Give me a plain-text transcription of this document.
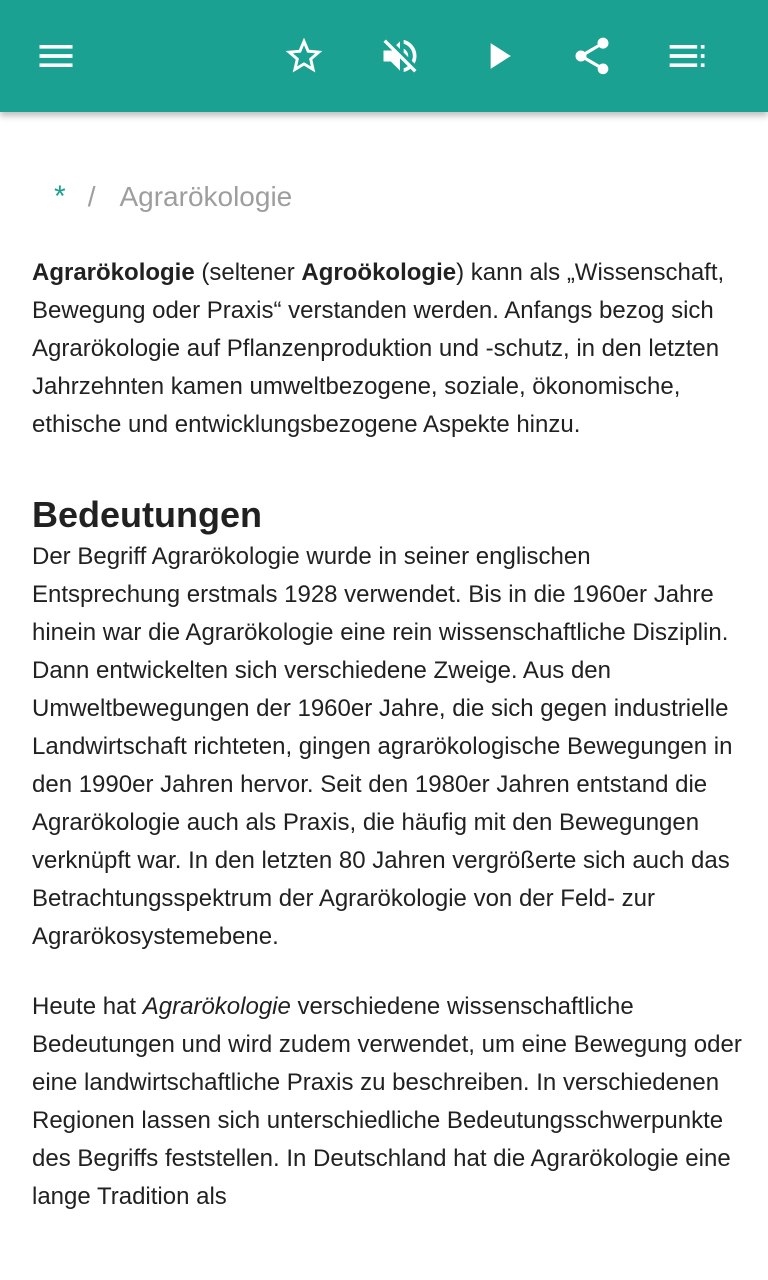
* / Agrarökologie

Agrarökologie (seltener Agroökologie) kann als „Wissenschaft, Bewegung oder Praxis“ verstanden werden. Anfangs bezog sich Agrarökologie auf Pflanzenproduktion und -schutz, in den letzten Jahrzehnten kamen umweltbezogene, soziale, ökonomische, ethische und entwicklungsbezogene Aspekte hinzu.

Bedeutungen

Der Begriff Agrarökologie wurde in seiner englischen Entsprechung erstmals 1928 verwendet. Bis in die 1960er Jahre hinein war die Agrarökologie eine rein wissenschaftliche Disziplin. Dann entwickelten sich verschiedene Zweige. Aus den Umweltbewegungen der 1960er Jahre, die sich gegen industrielle Landwirtschaft richteten, gingen agrarökologische Bewegungen in den 1990er Jahren hervor. Seit den 1980er Jahren entstand die Agrarökologie auch als Praxis, die häufig mit den Bewegungen verknüpft war. In den letzten 80 Jahren vergrößerte sich auch das Betrachtungsspektrum der Agrarökologie von der Feld- zur Agrarökosystemebene.

Heute hat Agrarökologie verschiedene wissenschaftliche Bedeutungen und wird zudem verwendet, um eine Bewegung oder eine landwirtschaftliche Praxis zu beschreiben. In verschiedenen Regionen lassen sich unterschiedliche Bedeutungsschwerpunkte des Begriffs feststellen. In Deutschland hat die Agrarökologie eine lange Tradition als
